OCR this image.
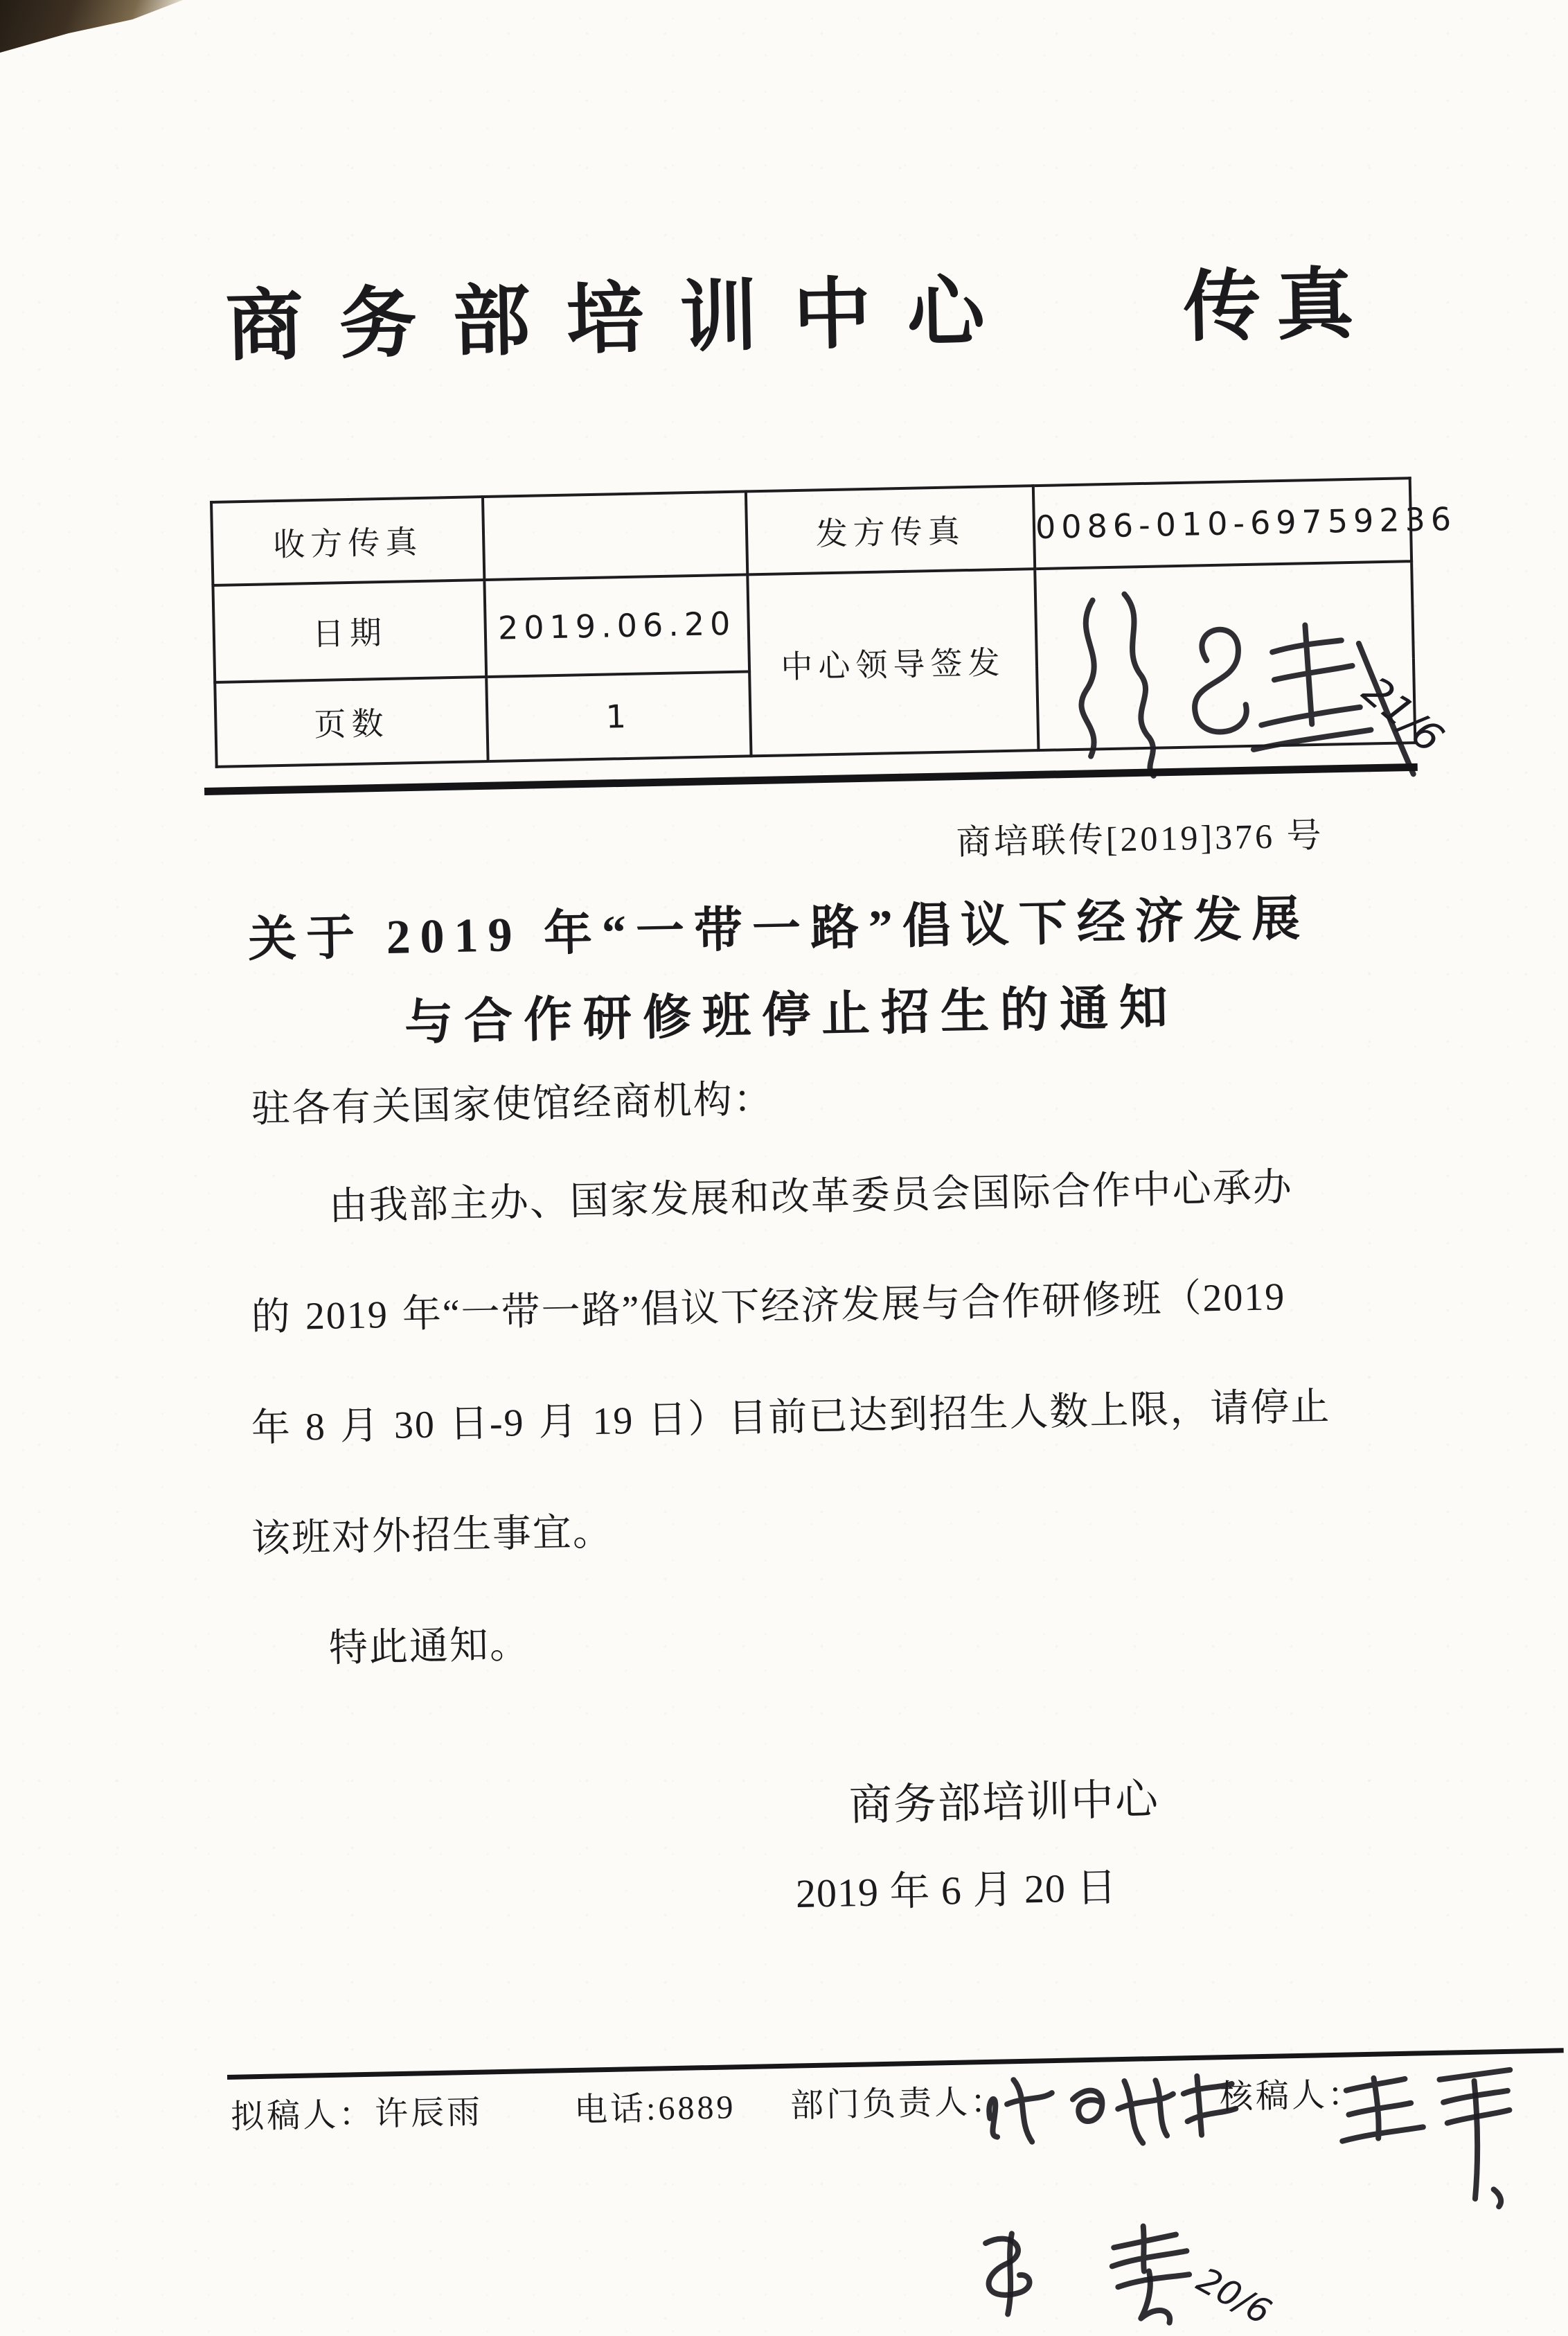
商务部培训中心 传真
收方传真		发方传真	0086-010-69759236
日期	2019.06.20	中心领导签发	
页数	1			21/6
商培联传[2019]376 号
关于 2019 年“一带一路”倡议下经济发展
与合作研修班停止招生的通知
驻各有关国家使馆经商机构：
由我部主办、国家发展和改革委员会国际合作中心承办
的 2019 年“一带一路”倡议下经济发展与合作研修班（2019
年 8 月 30 日-9 月 19 日）目前已达到招生人数上限，请停止
该班对外招生事宜。
特此通知。
商务部培训中心
2019 年 6 月 20 日
拟稿人：许辰雨	电话:6889 部门负责人：	核稿人：
20/6
